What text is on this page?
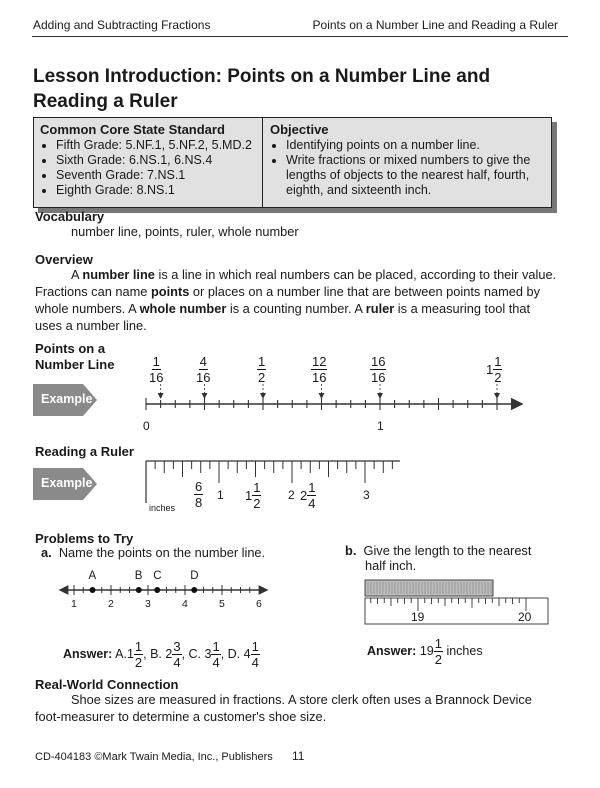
Adding and Subtracting Fractions	Points on a Number Line and Reading a Ruler
Lesson Introduction: Points on a Number Line and
Reading a Ruler
Common Core State Standard
• Fifth Grade: 5.NF.1, 5.NF.2, 5.MD.2
• Sixth Grade: 6.NS.1, 6.NS.4
• Seventh Grade: 7.NS.1
• Eighth Grade: 8.NS.1
Objective
• Identifying points on a number line.
• Write fractions or mixed numbers to give the lengths of objects to the nearest half, fourth, eighth, and sixteenth inch.
Vocabulary
number line, points, ruler, whole number
Overview
A number line is a line in which real numbers can be placed, according to their value. Fractions can name points or places on a number line that are between points named by whole numbers. A whole number is a counting number. A ruler is a measuring tool that uses a number line.
Points on a
Number Line
Example
$\frac{1}{16}$	$\frac{4}{16}$	$\frac{1}{2}$	$\frac{12}{16}$	$\frac{16}{16}$	$1 \frac{1}{2}$
0	1
Reading a Ruler
Example
inches $\frac{6}{8} 1$ $1 \frac{1}{2} 2$ $2 \frac{1}{4}$	3
Problems to Try
a. Name the points on the number line.
A	B C D
1	2	3	4	5	6
Answer: $A.1 \frac{1}{2}$ , B. $2 \frac{3}{4}$ , C. $3 \frac{1}{4}$ , D. $4 \frac{1}{4}$
b. Give the length to the nearest
half inch.
19	20
Answer: $19 \frac{1}{2}$ inches
Real-World Connection
Shoe sizes are measured in fractions. A store clerk often uses a Brannock Device foot-measurer to determine a customer's shoe size.
CD-404183 ©Mark Twain Media, Inc., Publishers 11
